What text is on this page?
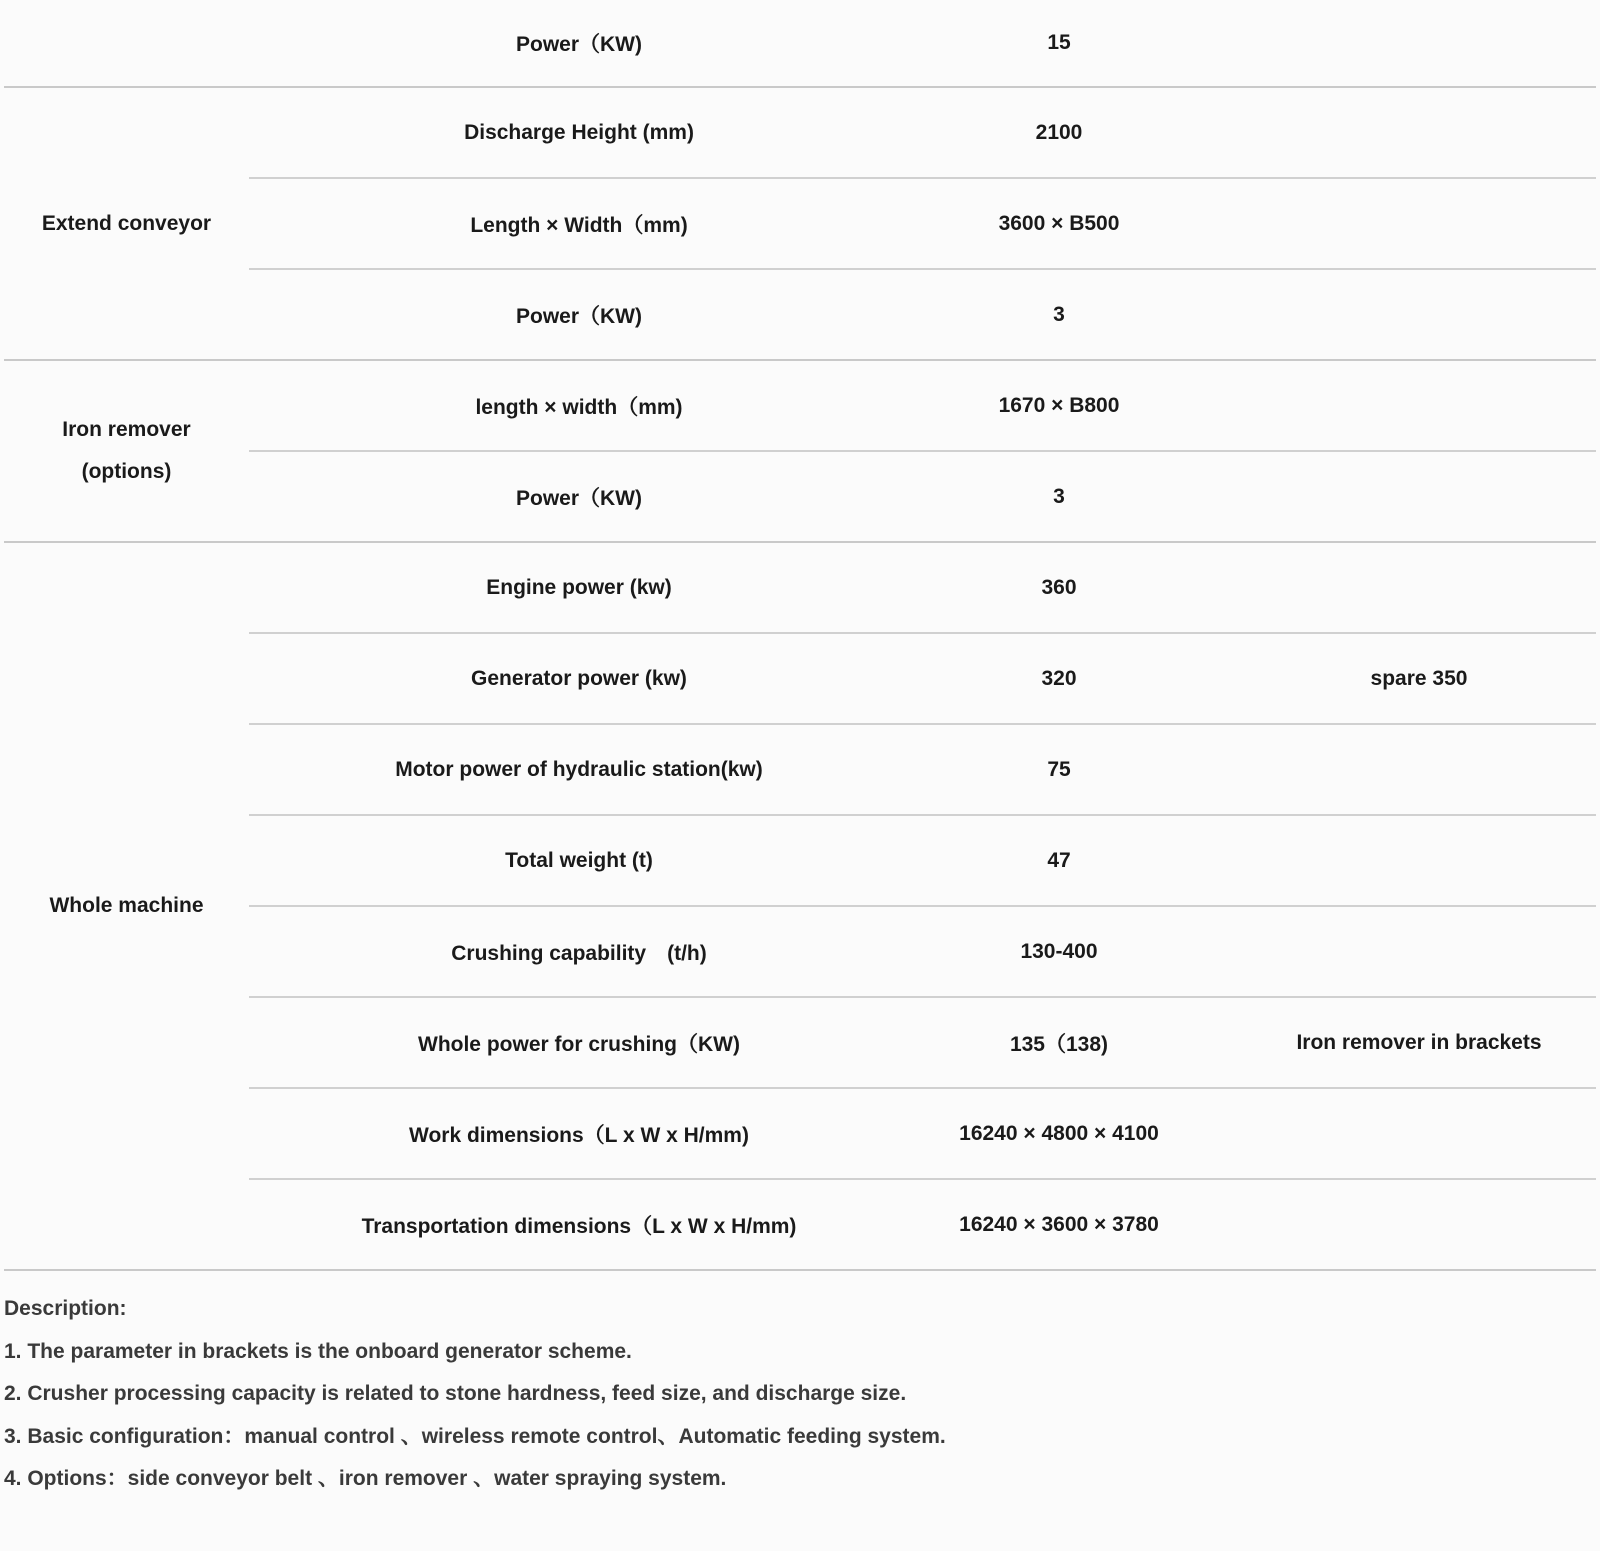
Power（KW)	15
Extend conveyor
Discharge Height (mm)	2100
Length × Width（mm)	3600 × B500
Power（KW)	3
Iron remover
(options)
length × width（mm)	1670 × B800
Power（KW)	3
Whole machine
Engine power (kw)	360
Generator power (kw)	320	spare 350
Motor power of hydraulic station(kw)	75
Total weight (t)	47
Crushing capability　(t/h)	130-400
Whole power for crushing（KW)	135（138)	Iron remover in brackets
Work dimensions（L x W x H/mm)	16240 × 4800 × 4100
Transportation dimensions（L x W x H/mm)	16240 × 3600 × 3780
Description:
1. The parameter in brackets is the onboard generator scheme.
2. Crusher processing capacity is related to stone hardness, feed size, and discharge size.
3. Basic configuration：manual control 、wireless remote control、Automatic feeding system.
4. Options：side conveyor belt 、iron remover 、water spraying system.
